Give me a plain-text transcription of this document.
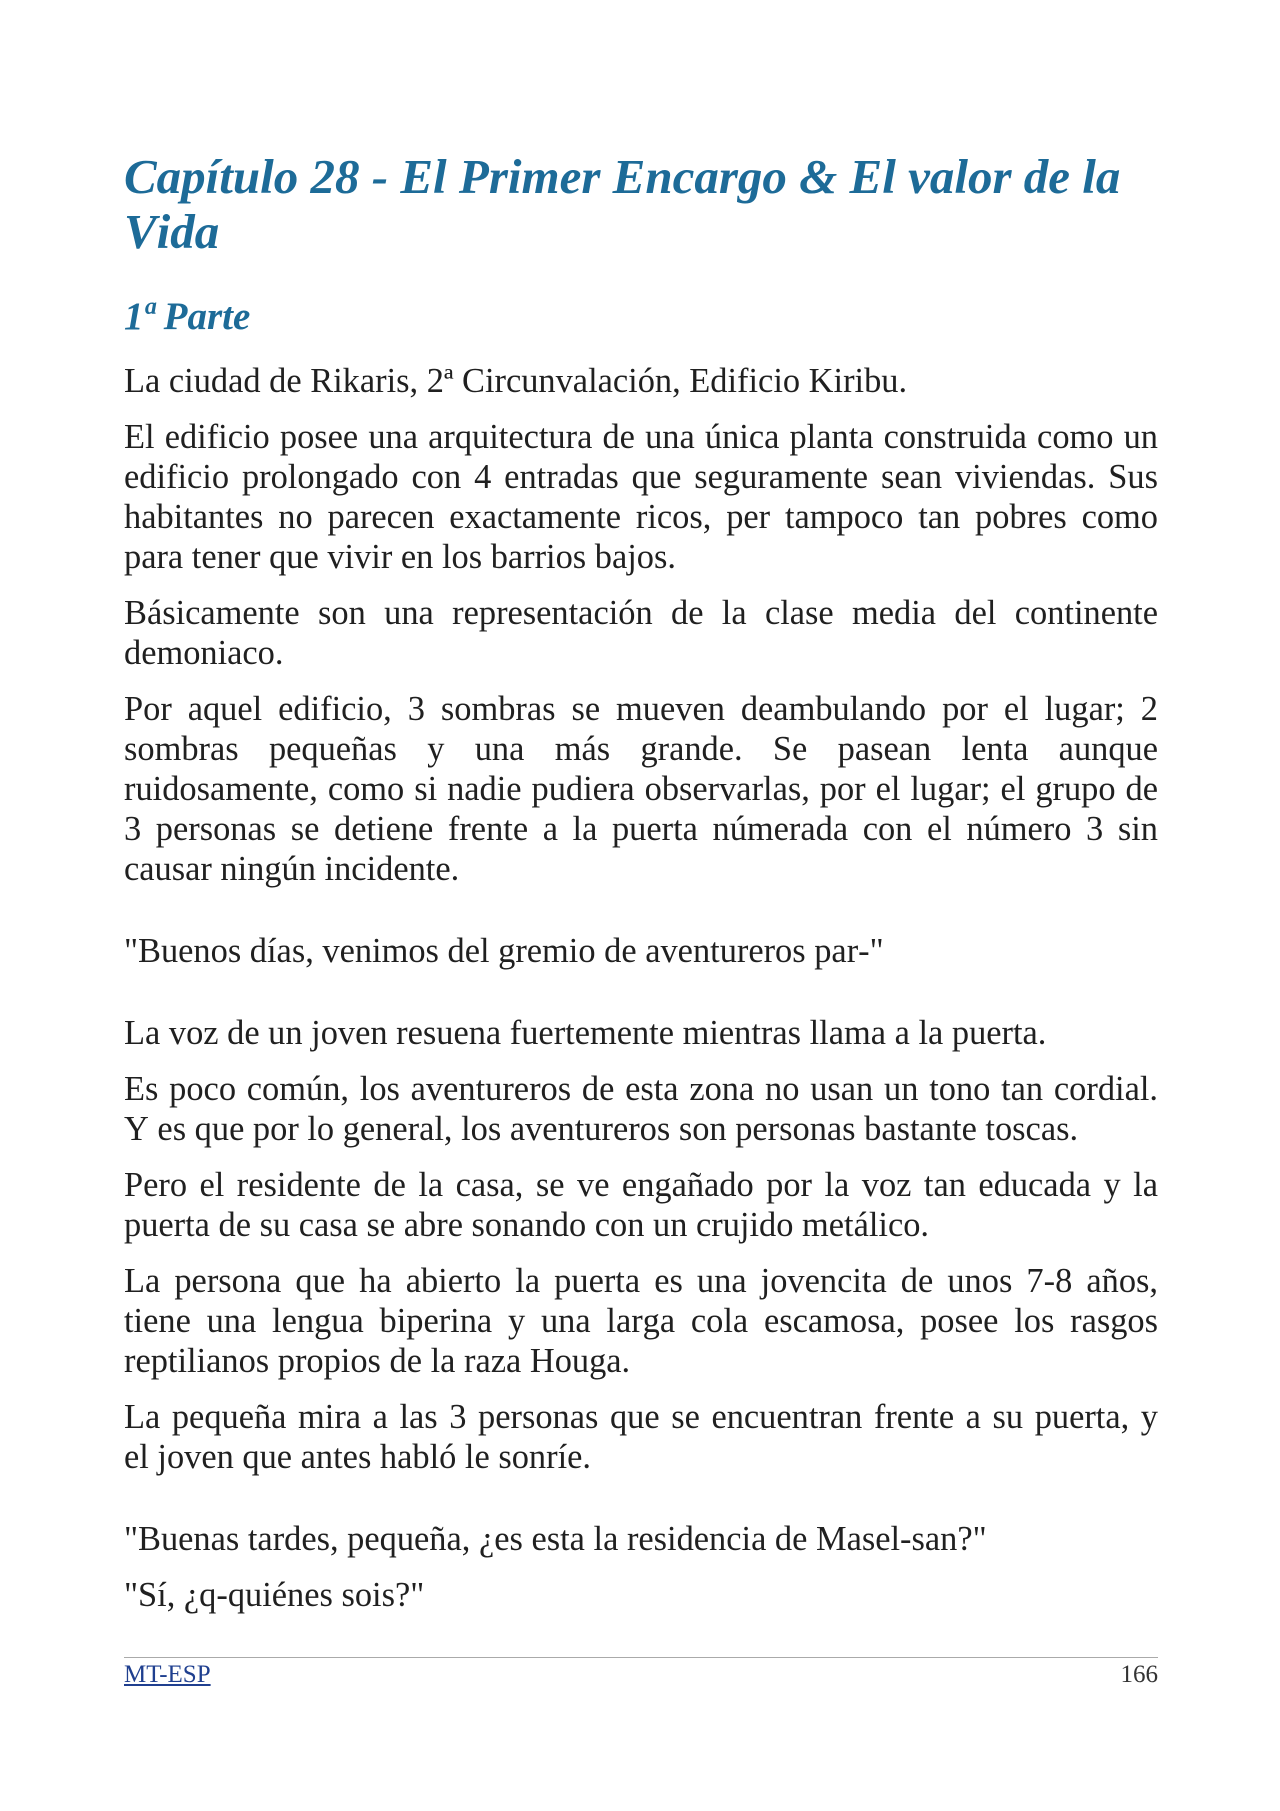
Capítulo 28 - El Primer Encargo & El valor de la
Vida
1ª Parte
La ciudad de Rikaris, 2ª Circunvalación, Edificio Kiribu.
El edificio posee una arquitectura de una única planta construida como un
edificio prolongado con 4 entradas que seguramente sean viviendas. Sus
habitantes no parecen exactamente ricos, per tampoco tan pobres como
para tener que vivir en los barrios bajos.
Básicamente son una representación de la clase media del continente
demoniaco.
Por aquel edificio, 3 sombras se mueven deambulando por el lugar; 2
sombras pequeñas y una más grande. Se pasean lenta aunque
ruidosamente, como si nadie pudiera observarlas, por el lugar; el grupo de
3 personas se detiene frente a la puerta númerada con el número 3 sin
causar ningún incidente.
"Buenos días, venimos del gremio de aventureros par-"
La voz de un joven resuena fuertemente mientras llama a la puerta.
Es poco común, los aventureros de esta zona no usan un tono tan cordial.
Y es que por lo general, los aventureros son personas bastante toscas.
Pero el residente de la casa, se ve engañado por la voz tan educada y la
puerta de su casa se abre sonando con un crujido metálico.
La persona que ha abierto la puerta es una jovencita de unos 7-8 años,
tiene una lengua biperina y una larga cola escamosa, posee los rasgos
reptilianos propios de la raza Houga.
La pequeña mira a las 3 personas que se encuentran frente a su puerta, y
el joven que antes habló le sonríe.
"Buenas tardes, pequeña, ¿es esta la residencia de Masel-san?"
"Sí, ¿q-quiénes sois?"
MT-ESP	166
